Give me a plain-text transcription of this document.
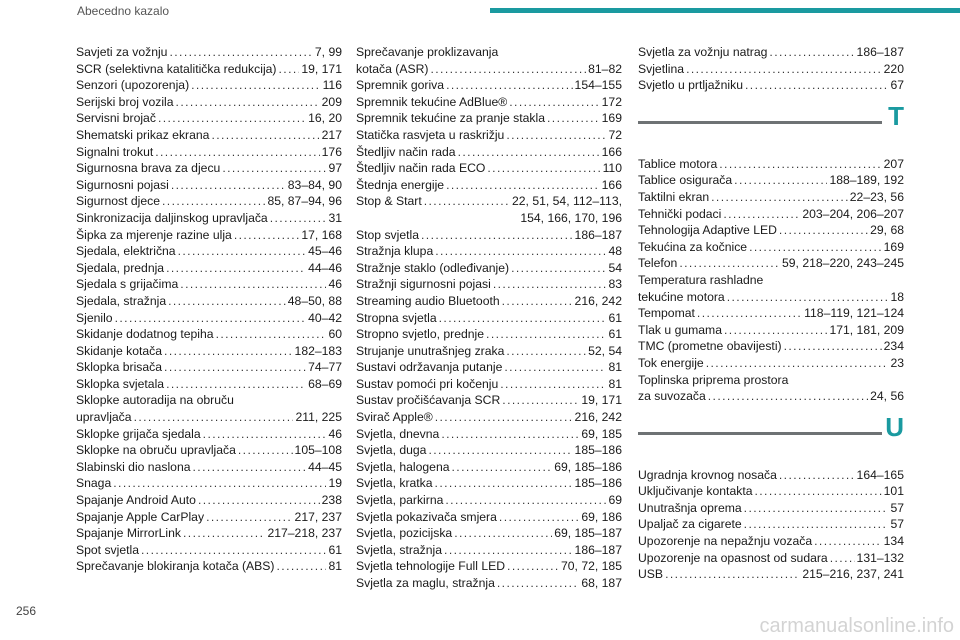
Abecedno kazalo
Savjeti za vožnju .....	7, 99
SCR (selektivna katalitička redukcija) ..... 19, 171
Senzori (upozorenja) .....	116
Serijski broj vozila .....	209
Servisni brojač .....	16, 20
Shematski prikaz ekrana .....	217
Signalni trokut .....	176
Sigurnosna brava za djecu .....	97
Sigurnosni pojasi .....	83–84, 90
Sigurnost djece .....	85, 87–94, 96
Sinkronizacija daljinskog upravljača .....	31
Šipka za mjerenje razine ulja .....	17, 168
Sjedala, električna .....	45–46
Sjedala, prednja .....	44–46
Sjedala s grijačima .....	46
Sjedala, stražnja .....	48–50, 88
Sjenilo .....	40–42
Skidanje dodatnog tepiha .....	60
Skidanje kotača .....	182–183
Sklopka brisača .....	74–77
Sklopka svjetala .....	68–69
Sklopke autoradija na obruču
upravljača .....	211, 225
Sklopke grijača sjedala .....	46
Sklopke na obruču upravljača .....	105–108
Slabinski dio naslona .....	44–45
Snaga .....	19
Spajanje Android Auto .....	238
Spajanje Apple CarPlay .....	217, 237
Spajanje MirrorLink .....	217–218, 237
Spot svjetla .....	61
Sprečavanje blokiranja kotača (ABS) .....	81
Sprečavanje proklizavanja
kotača (ASR) .....	81–82
Spremnik goriva .....	154–155
Spremnik tekućine AdBlue® .....	172
Spremnik tekućine za pranje stakla .....	169
Statička rasvjeta u raskrižju .....	72
Štedljiv način rada .....	166
Štedljiv način rada ECO .....	110
Štednja energije .....	166
Stop & Start .....	22, 51, 54, 112–113,
154, 166, 170, 196
Stop svjetla .....	186–187
Stražnja klupa .....	48
Stražnje staklo (odleđivanje) .....	54
Stražnji sigurnosni pojasi .....	83
Streaming audio Bluetooth .....	216, 242
Stropna svjetla .....	61
Stropno svjetlo, prednje .....	61
Strujanje unutrašnjeg zraka .....	52, 54
Sustavi održavanja putanje .....	81
Sustav pomoći pri kočenju .....	81
Sustav pročišćavanja SCR .....	19, 171
Svirač Apple® .....	216, 242
Svjetla, dnevna .....	69, 185
Svjetla, duga .....	185–186
Svjetla, halogena .....	69, 185–186
Svjetla, kratka .....	185–186
Svjetla, parkirna .....	69
Svjetla pokazivača smjera .....	69, 186
Svjetla, pozicijska .....	69, 185–187
Svjetla, stražnja .....	186–187
Svjetla tehnologije Full LED .....	70, 72, 185
Svjetla za maglu, stražnja .....	68, 187
Svjetla za vožnju natrag .....	186–187
Svjetlina .....	220
Svjetlo u prtljažniku .....	67
T
Tablice motora .....	207
Tablice osigurača .....	188–189, 192
Taktilni ekran .....	22–23, 56
Tehnički podaci .....	203–204, 206–207
Tehnologija Adaptive LED .....	29, 68
Tekućina za kočnice .....	169
Telefon .....	59, 218–220, 243–245
Temperatura rashladne
tekućine motora .....	18
Tempomat .....	118–119, 121–124
Tlak u gumama .....	171, 181, 209
TMC (prometne obavijesti) .....	234
Tok energije .....	23
Toplinska priprema prostora
za suvozača .....	24, 56
U
Ugradnja krovnog nosača .....	164–165
Uključivanje kontakta .....	101
Unutrašnja oprema .....	57
Upaljač za cigarete .....	57
Upozorenje na nepažnju vozača .....	134
Upozorenje na opasnost od sudara ..... 131–132
USB .....	215–216, 237, 241
256
carmanualsonline.info
